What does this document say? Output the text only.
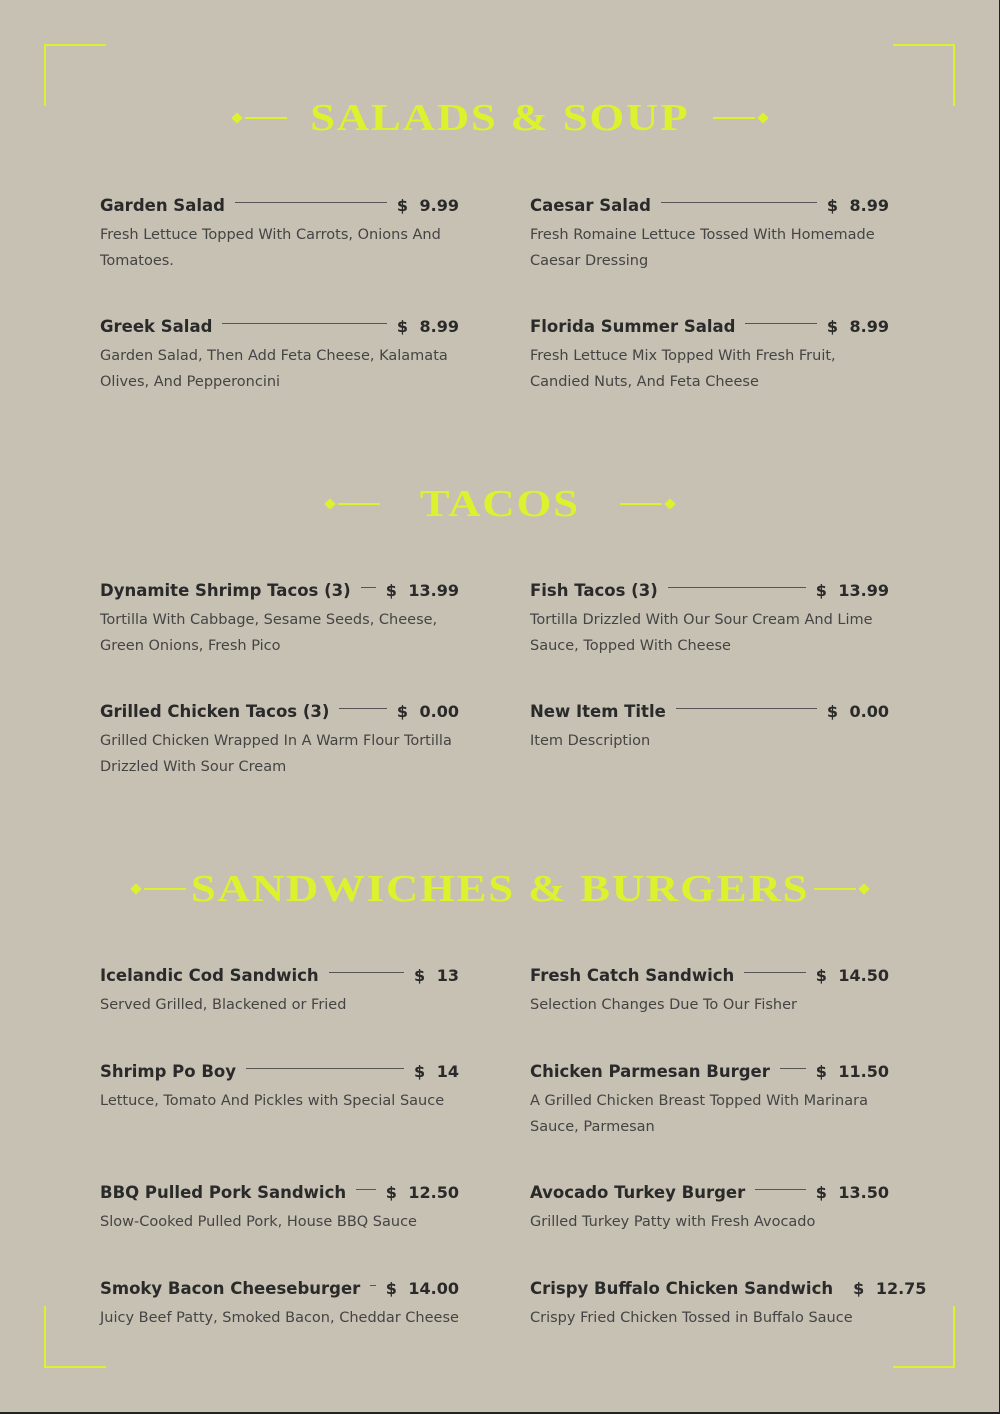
SALADS & SOUP
Garden Salad	$ 9.99
Fresh Lettuce Topped With Carrots, Onions And Tomatoes.
Caesar Salad	$ 8.99
Fresh Romaine Lettuce Tossed With Homemade Caesar Dressing
Greek Salad	$ 8.99
Garden Salad, Then Add Feta Cheese, Kalamata Olives, And Pepperoncini
Florida Summer Salad	$ 8.99
Fresh Lettuce Mix Topped With Fresh Fruit, Candied Nuts, And Feta Cheese
TACOS
Dynamite Shrimp Tacos (3) $ 13.99
Tortilla With Cabbage, Sesame Seeds, Cheese, Green Onions, Fresh Pico
Fish Tacos (3)	$ 13.99
Tortilla Drizzled With Our Sour Cream And Lime Sauce, Topped With Cheese
Grilled Chicken Tacos (3)	$ 0.00
Grilled Chicken Wrapped In A Warm Flour Tortilla Drizzled With Sour Cream
New Item Title	$ 0.00
Item Description
SANDWICHES & BURGERS
Icelandic Cod Sandwich	$ 13
Served Grilled, Blackened or Fried
Fresh Catch Sandwich	$ 14.50
Selection Changes Due To Our Fisher
Shrimp Po Boy	$ 14
Lettuce, Tomato And Pickles with Special Sauce
Chicken Parmesan Burger	$ 11.50
A Grilled Chicken Breast Topped With Marinara Sauce, Parmesan
BBQ Pulled Pork Sandwich $ 12.50
Slow-Cooked Pulled Pork, House BBQ Sauce
Avocado Turkey Burger	$ 13.50
Grilled Turkey Patty with Fresh Avocado
Smoky Bacon Cheeseburger $ 14.00
Juicy Beef Patty, Smoked Bacon, Cheddar Cheese
Crispy Buffalo Chicken Sandwich $ 12.75
Crispy Fried Chicken Tossed in Buffalo Sauce
